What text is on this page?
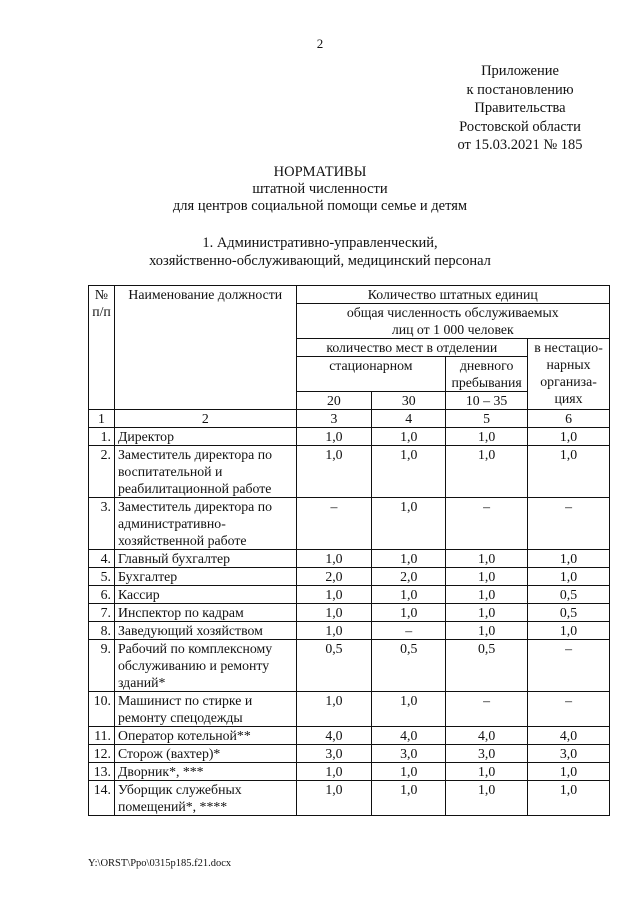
2
Приложение
к постановлению
Правительства
Ростовской области
от 15.03.2021 № 185
НОРМАТИВЫ
штатной численности
для центров социальной помощи семье и детям
1. Административно-управленческий,
хозяйственно-обслуживающий, медицинский персонал
№ п/п	Наименование должности	Количество штатных единиц			
		общая численность обслуживаемых лиц от 1 000 человек			
		количество мест в отделении			в нестацио- нарных организа- циях
		стационарном		дневного пребывания	
		20	30	10 – 35	
1	2	3	4	5	6
1.	Директор	1,0	1,0	1,0	1,0
2.	Заместитель директора по воспитательной и реабилитационной работе	1,0	1,0	1,0	1,0
3.	Заместитель директора по административно-хозяйственной работе	–	1,0	–	–
4.	Главный бухгалтер	1,0	1,0	1,0	1,0
5.	Бухгалтер	2,0	2,0	1,0	1,0
6.	Кассир	1,0	1,0	1,0	0,5
7.	Инспектор по кадрам	1,0	1,0	1,0	0,5
8.	Заведующий хозяйством	1,0	–	1,0	1,0
9.	Рабочий по комплексному обслуживанию и ремонту зданий*	0,5	0,5	0,5	–
10.	Машинист по стирке и ремонту спецодежды	1,0	1,0	–	–
11.	Оператор котельной**	4,0	4,0	4,0	4,0
12.	Сторож (вахтер)*	3,0	3,0	3,0	3,0
13.	Дворник*, ***	1,0	1,0	1,0	1,0
14.	Уборщик служебных помещений*, ****	1,0	1,0	1,0	1,0
Y:\ORST\Ppo\0315p185.f21.docx
